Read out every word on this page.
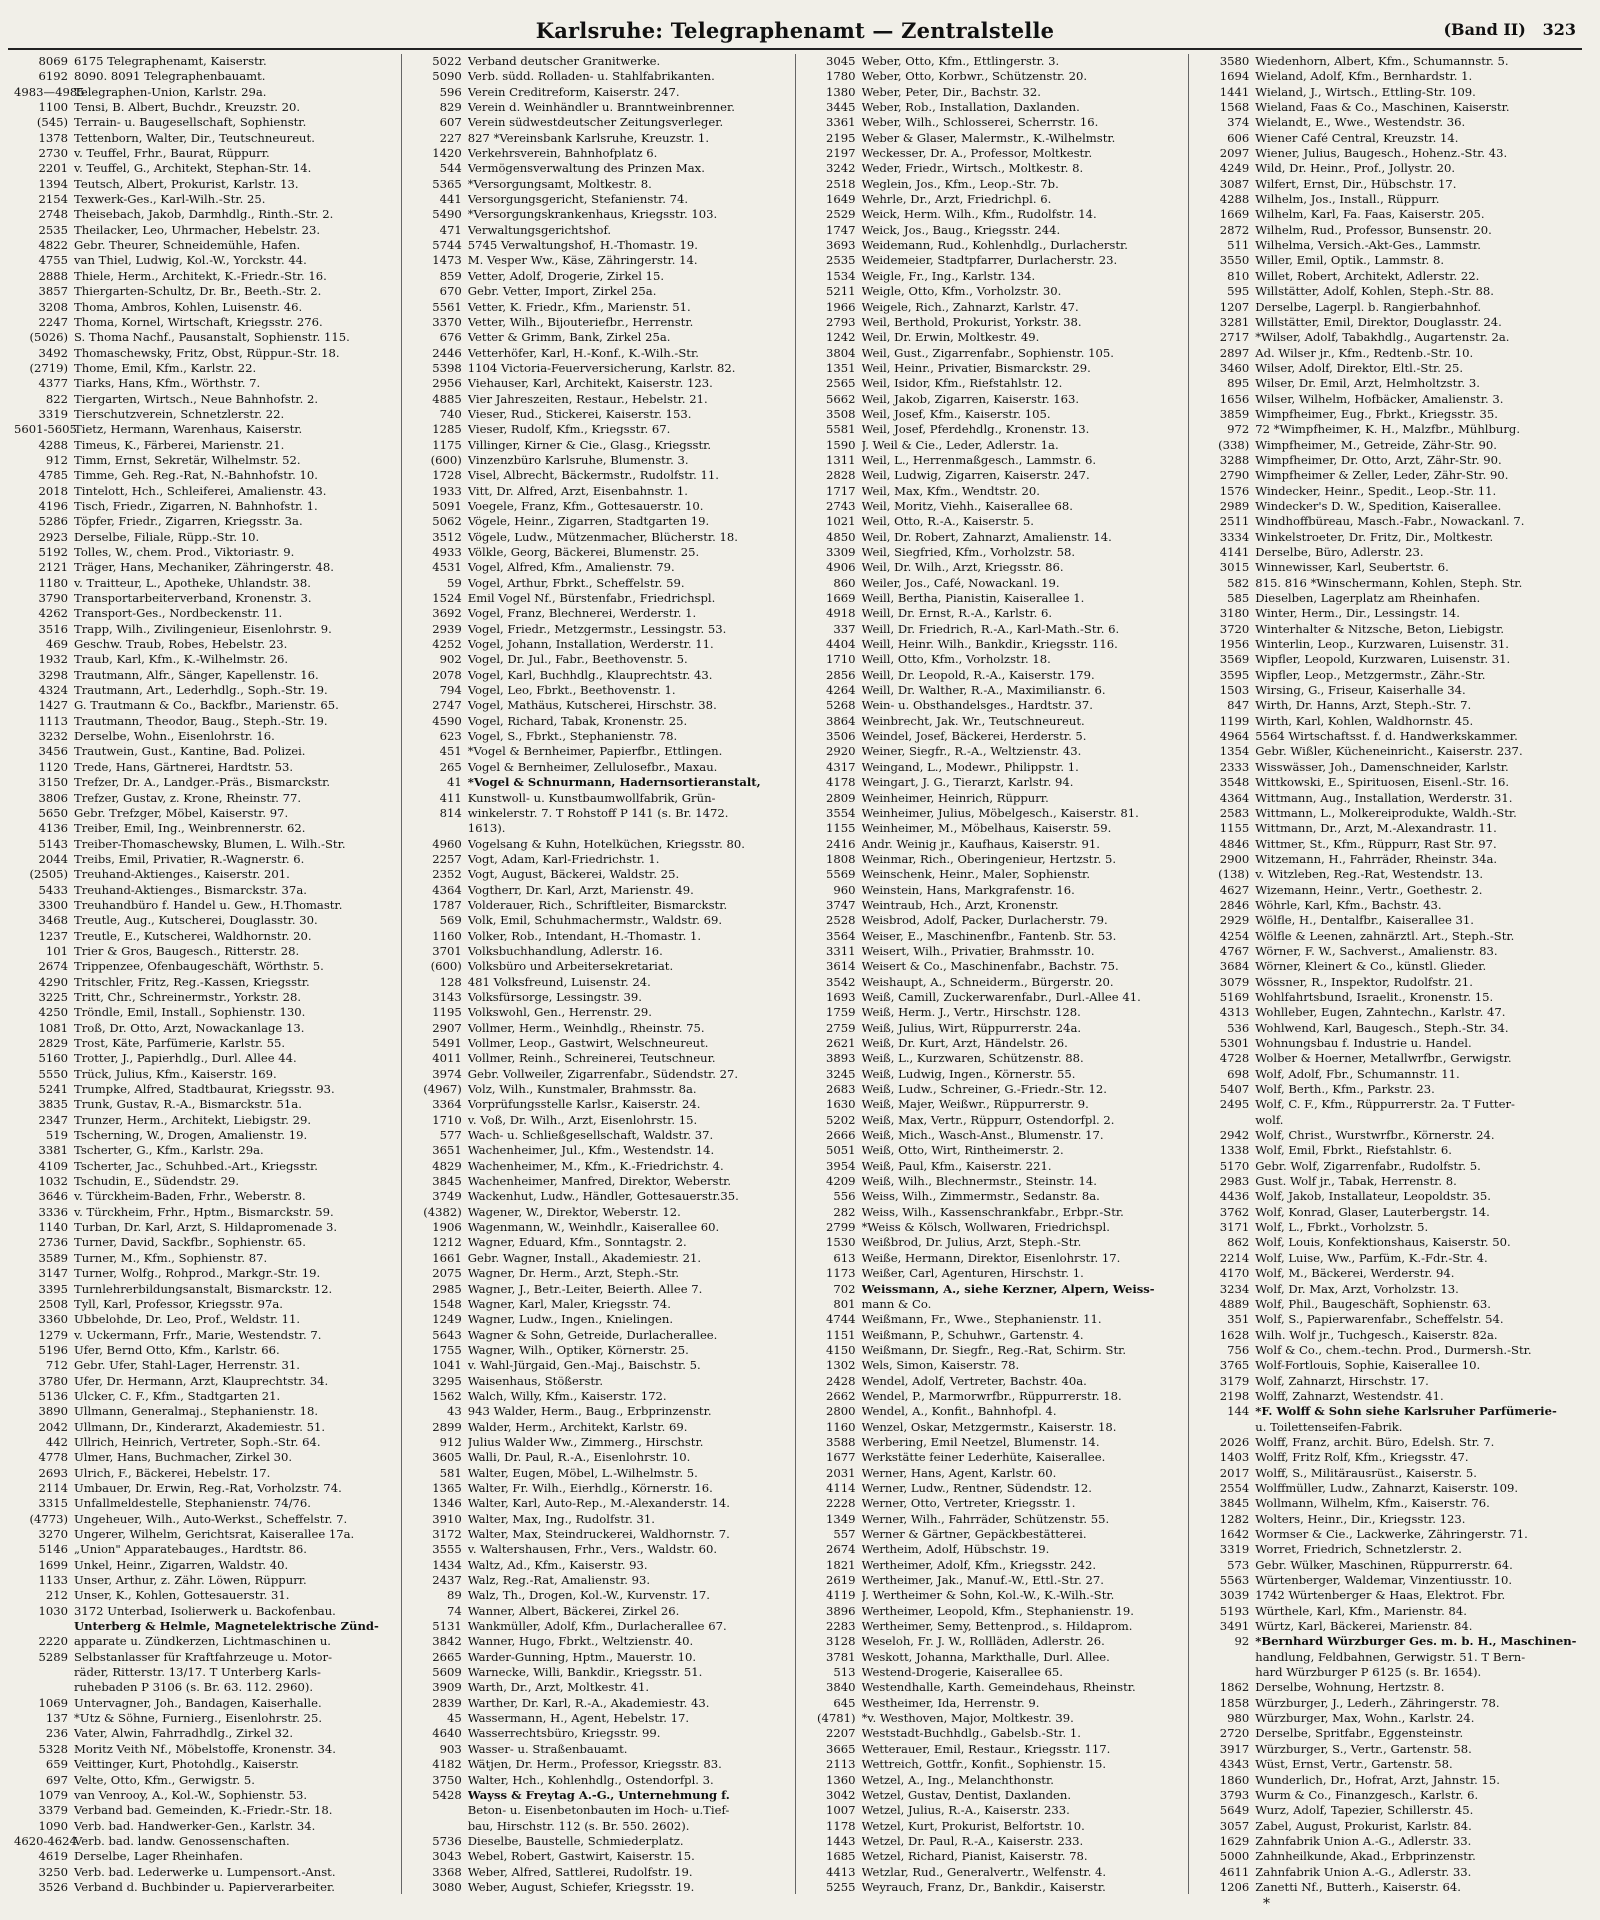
Karlsruhe: Telegraphenamt — Zentralstelle	(Band II) 323
8069 6175 Telegraphenamt, Kaiserstr.
6192 8090. 8091 Telegraphenbauamt.
4983—4985
Telegraphen-Union, Karlstr. 29a.
1100 Tensi, B. Albert, Buchdr., Kreuzstr. 20.
(545) Terrain- u. Baugesellschaft, Sophienstr.
1378 Tettenborn, Walter, Dir., Teutschneureut.
2730 v. Teuffel, Frhr., Baurat, Rüppurr.
2201 v. Teuffel, G., Architekt, Stephan-Str. 14.
1394 Teutsch, Albert, Prokurist, Karlstr. 13.
2154 Texwerk-Ges., Karl-Wilh.-Str. 25.
2748 Theisebach, Jakob, Darmhdlg., Rinth.-Str. 2.
2535 Theilacker, Leo, Uhrmacher, Hebelstr. 23.
4822 Gebr. Theurer, Schneidemühle, Hafen.
4755 van Thiel, Ludwig, Kol.-W., Yorckstr. 44.
2888 Thiele, Herm., Architekt, K.-Friedr.-Str. 16.
3857 Thiergarten-Schultz, Dr. Br., Beeth.-Str. 2.
3208 Thoma, Ambros, Kohlen, Luisenstr. 46.
2247 Thoma, Kornel, Wirtschaft, Kriegsstr. 276.
(5026) S. Thoma Nachf., Pausanstalt, Sophienstr. 115.
3492 Thomaschewsky, Fritz, Obst, Rüppur.-Str. 18.
(2719) Thome, Emil, Kfm., Karlstr. 22.
4377 Tiarks, Hans, Kfm., Wörthstr. 7.
822 Tiergarten, Wirtsch., Neue Bahnhofstr. 2.
3319 Tierschutzverein, Schnetzlerstr. 22.
5601-5605
Tietz, Hermann, Warenhaus, Kaiserstr.
4288 Timeus, K., Färberei, Marienstr. 21.
912 Timm, Ernst, Sekretär, Wilhelmstr. 52.
4785 Timme, Geh. Reg.-Rat, N.-Bahnhofstr. 10.
2018 Tintelott, Hch., Schleiferei, Amalienstr. 43.
4196 Tisch, Friedr., Zigarren, N. Bahnhofstr. 1.
5286 Töpfer, Friedr., Zigarren, Kriegsstr. 3a.
2923 Derselbe, Filiale, Rüpp.-Str. 10.
5192 Tolles, W., chem. Prod., Viktoriastr. 9.
2121 Träger, Hans, Mechaniker, Zähringerstr. 48.
1180 v. Traitteur, L., Apotheke, Uhlandstr. 38.
3790 Transportarbeiterverband, Kronenstr. 3.
4262 Transport-Ges., Nordbeckenstr. 11.
3516 Trapp, Wilh., Zivilingenieur, Eisenlohrstr. 9.
469 Geschw. Traub, Robes, Hebelstr. 23.
1932 Traub, Karl, Kfm., K.-Wilhelmstr. 26.
3298 Trautmann, Alfr., Sänger, Kapellenstr. 16.
4324 Trautmann, Art., Lederhdlg., Soph.-Str. 19.
1427 G. Trautmann & Co., Backfbr., Marienstr. 65.
1113 Trautmann, Theodor, Baug., Steph.-Str. 19.
3232 Derselbe, Wohn., Eisenlohrstr. 16.
3456 Trautwein, Gust., Kantine, Bad. Polizei.
1120 Trede, Hans, Gärtnerei, Hardtstr. 53.
3150 Trefzer, Dr. A., Landger.-Präs., Bismarckstr.
3806 Trefzer, Gustav, z. Krone, Rheinstr. 77.
5650 Gebr. Trefzger, Möbel, Kaiserstr. 97.
4136 Treiber, Emil, Ing., Weinbrennerstr. 62.
5143 Treiber-Thomaschewsky, Blumen, L. Wilh.-Str.
2044 Treibs, Emil, Privatier, R.-Wagnerstr. 6.
(2505) Treuhand-Aktienges., Kaiserstr. 201.
5433 Treuhand-Aktienges., Bismarckstr. 37a.
3300 Treuhandbüro f. Handel u. Gew., H.Thomastr.
3468 Treutle, Aug., Kutscherei, Douglasstr. 30.
1237 Treutle, E., Kutscherei, Waldhornstr. 20.
101 Trier & Gros, Baugesch., Ritterstr. 28.
2674 Trippenzee, Ofenbaugeschäft, Wörthstr. 5.
4290 Tritschler, Fritz, Reg.-Kassen, Kriegsstr.
3225 Tritt, Chr., Schreinermstr., Yorkstr. 28.
4250 Tröndle, Emil, Install., Sophienstr. 130.
1081 Troß, Dr. Otto, Arzt, Nowackanlage 13.
2829 Trost, Käte, Parfümerie, Karlstr. 55.
5160 Trotter, J., Papierhdlg., Durl. Allee 44.
5550 Trück, Julius, Kfm., Kaiserstr. 169.
5241 Trumpke, Alfred, Stadtbaurat, Kriegsstr. 93.
3835 Trunk, Gustav, R.-A., Bismarckstr. 51a.
2347 Trunzer, Herm., Architekt, Liebigstr. 29.
519 Tscherning, W., Drogen, Amalienstr. 19.
3381 Tscherter, G., Kfm., Karlstr. 29a.
4109 Tscherter, Jac., Schuhbed.-Art., Kriegsstr.
1032 Tschudin, E., Südendstr. 29.
3646 v. Türckheim-Baden, Frhr., Weberstr. 8.
3336 v. Türckheim, Frhr., Hptm., Bismarckstr. 59.
1140 Turban, Dr. Karl, Arzt, S. Hildapromenade 3.
2736 Turner, David, Sackfbr., Sophienstr. 65.
3589 Turner, M., Kfm., Sophienstr. 87.
3147 Turner, Wolfg., Rohprod., Markgr.-Str. 19.
3395 Turnlehrerbildungsanstalt, Bismarckstr. 12.
2508 Tyll, Karl, Professor, Kriegsstr. 97a.
3360 Ubbelohde, Dr. Leo, Prof., Weldstr. 11.
1279 v. Uckermann, Frfr., Marie, Westendstr. 7.
5196 Ufer, Bernd Otto, Kfm., Karlstr. 66.
712 Gebr. Ufer, Stahl-Lager, Herrenstr. 31.
3780 Ufer, Dr. Hermann, Arzt, Klauprechtstr. 34.
5136 Ulcker, C. F., Kfm., Stadtgarten 21.
3890 Ullmann, Generalmaj., Stephanienstr. 18.
2042 Ullmann, Dr., Kinderarzt, Akademiestr. 51.
442 Ullrich, Heinrich, Vertreter, Soph.-Str. 64.
4778 Ulmer, Hans, Buchmacher, Zirkel 30.
2693 Ulrich, F., Bäckerei, Hebelstr. 17.
2114 Umbauer, Dr. Erwin, Reg.-Rat, Vorholzstr. 74.
3315 Unfallmeldestelle, Stephanienstr. 74/76.
(4773) Ungeheuer, Wilh., Auto-Werkst., Scheffelstr. 7.
3270 Ungerer, Wilhelm, Gerichtsrat, Kaiserallee 17a.
5146 „Union" Apparatebauges., Hardtstr. 86.
1699 Unkel, Heinr., Zigarren, Waldstr. 40.
1133 Unser, Arthur, z. Zähr. Löwen, Rüppurr.
212 Unser, K., Kohlen, Gottesauerstr. 31.
1030 3172 Unterbad, Isolierwerk u. Backofenbau.
Unterberg & Helmle, Magnetelektrische Zünd-
2220 apparate u. Zündkerzen, Lichtmaschinen u.
5289 Selbstanlasser für Kraftfahrzeuge u. Motor-
räder, Ritterstr. 13/17. T Unterberg Karls-
ruhebaden P 3106 (s. Br. 63. 112. 2960).
1069 Untervagner, Joh., Bandagen, Kaiserhalle.
137 *Utz & Söhne, Furnierg., Eisenlohrstr. 25.
236 Vater, Alwin, Fahrradhdlg., Zirkel 32.
5328 Moritz Veith Nf., Möbelstoffe, Kronenstr. 34.
659 Veittinger, Kurt, Photohdlg., Kaiserstr.
697 Velte, Otto, Kfm., Gerwigstr. 5.
1079 van Venrooy, A., Kol.-W., Sophienstr. 53.
3379 Verband bad. Gemeinden, K.-Friedr.-Str. 18.
1090 Verb. bad. Handwerker-Gen., Karlstr. 34.
4620-4624
Verb. bad. landw. Genossenschaften.
4619 Derselbe, Lager Rheinhafen.
3250 Verb. bad. Lederwerke u. Lumpensort.-Anst.
3526 Verband d. Buchbinder u. Papierverarbeiter.
5022 Verband deutscher Granitwerke.
5090 Verb. südd. Rolladen- u. Stahlfabrikanten.
596 Verein Creditreform, Kaiserstr. 247.
829 Verein d. Weinhändler u. Branntweinbrenner.
607 Verein südwestdeutscher Zeitungsverleger.
227 827 *Vereinsbank Karlsruhe, Kreuzstr. 1.
1420 Verkehrsverein, Bahnhofplatz 6.
544 Vermögensverwaltung des Prinzen Max.
5365 *Versorgungsamt, Moltkestr. 8.
441 Versorgungsgericht, Stefanienstr. 74.
5490 *Versorgungskrankenhaus, Kriegsstr. 103.
471 Verwaltungsgerichtshof.
5744 5745 Verwaltungshof, H.-Thomastr. 19.
1473 M. Vesper Ww., Käse, Zähringerstr. 14.
859 Vetter, Adolf, Drogerie, Zirkel 15.
670 Gebr. Vetter, Import, Zirkel 25a.
5561 Vetter, K. Friedr., Kfm., Marienstr. 51.
3370 Vetter, Wilh., Bijouteriefbr., Herrenstr.
676 Vetter & Grimm, Bank, Zirkel 25a.
2446 Vetterhöfer, Karl, H.-Konf., K.-Wilh.-Str.
5398 1104 Victoria-Feuerversicherung, Karlstr. 82.
2956 Viehauser, Karl, Architekt, Kaiserstr. 123.
4885 Vier Jahreszeiten, Restaur., Hebelstr. 21.
740 Vieser, Rud., Stickerei, Kaiserstr. 153.
1285 Vieser, Rudolf, Kfm., Kriegsstr. 67.
1175 Villinger, Kirner & Cie., Glasg., Kriegsstr.
(600) Vinzenzbüro Karlsruhe, Blumenstr. 3.
1728 Visel, Albrecht, Bäckermstr., Rudolfstr. 11.
1933 Vitt, Dr. Alfred, Arzt, Eisenbahnstr. 1.
5091 Voegele, Franz, Kfm., Gottesauerstr. 10.
5062 Vögele, Heinr., Zigarren, Stadtgarten 19.
3512 Vögele, Ludw., Mützenmacher, Blücherstr. 18.
4933 Völkle, Georg, Bäckerei, Blumenstr. 25.
4531 Vogel, Alfred, Kfm., Amalienstr. 79.
59 Vogel, Arthur, Fbrkt., Scheffelstr. 59.
1524 Emil Vogel Nf., Bürstenfabr., Friedrichspl.
3692 Vogel, Franz, Blechnerei, Werderstr. 1.
2939 Vogel, Friedr., Metzgermstr., Lessingstr. 53.
4252 Vogel, Johann, Installation, Werderstr. 11.
902 Vogel, Dr. Jul., Fabr., Beethovenstr. 5.
2078 Vogel, Karl, Buchhdlg., Klauprechtstr. 43.
794 Vogel, Leo, Fbrkt., Beethovenstr. 1.
2747 Vogel, Mathäus, Kutscherei, Hirschstr. 38.
4590 Vogel, Richard, Tabak, Kronenstr. 25.
623 Vogel, S., Fbrkt., Stephanienstr. 78.
451 *Vogel & Bernheimer, Papierfbr., Ettlingen.
265 Vogel & Bernheimer, Zellulosefbr., Maxau.
41 *Vogel & Schnurmann, Hadernsortieranstalt,
411 Kunstwoll- u. Kunstbaumwollfabrik, Grün-
814 winkelerstr. 7. T Rohstoff P 141 (s. Br. 1472.
1613).
4960 Vogelsang & Kuhn, Hotelküchen, Kriegsstr. 80.
2257 Vogt, Adam, Karl-Friedrichstr. 1.
2352 Vogt, August, Bäckerei, Waldstr. 25.
4364 Vogtherr, Dr. Karl, Arzt, Marienstr. 49.
1787 Volderauer, Rich., Schriftleiter, Bismarckstr.
569 Volk, Emil, Schuhmachermstr., Waldstr. 69.
1160 Volker, Rob., Intendant, H.-Thomastr. 1.
3701 Volksbuchhandlung, Adlerstr. 16.
(600) Volksbüro und Arbeitersekretariat.
128 481 Volksfreund, Luisenstr. 24.
3143 Volksfürsorge, Lessingstr. 39.
1195 Volkswohl, Gen., Herrenstr. 29.
2907 Vollmer, Herm., Weinhdlg., Rheinstr. 75.
5491 Vollmer, Leop., Gastwirt, Welschneureut.
4011 Vollmer, Reinh., Schreinerei, Teutschneur.
3974 Gebr. Vollweiler, Zigarrenfabr., Südendstr. 27.
(4967) Volz, Wilh., Kunstmaler, Brahmsstr. 8a.
3364 Vorprüfungsstelle Karlsr., Kaiserstr. 24.
1710 v. Voß, Dr. Wilh., Arzt, Eisenlohrstr. 15.
577 Wach- u. Schließgesellschaft, Waldstr. 37.
3651 Wachenheimer, Jul., Kfm., Westendstr. 14.
4829 Wachenheimer, M., Kfm., K.-Friedrichstr. 4.
3845 Wachenheimer, Manfred, Direktor, Weberstr.
3749 Wackenhut, Ludw., Händler, Gottesauerstr.35.
(4382) Wagener, W., Direktor, Weberstr. 12.
1906 Wagenmann, W., Weinhdlr., Kaiserallee 60.
1212 Wagner, Eduard, Kfm., Sonntagstr. 2.
1661 Gebr. Wagner, Install., Akademiestr. 21.
2075 Wagner, Dr. Herm., Arzt, Steph.-Str.
2985 Wagner, J., Betr.-Leiter, Beierth. Allee 7.
1548 Wagner, Karl, Maler, Kriegsstr. 74.
1249 Wagner, Ludw., Ingen., Knielingen.
5643 Wagner & Sohn, Getreide, Durlacherallee.
1755 Wagner, Wilh., Optiker, Körnerstr. 25.
1041 v. Wahl-Jürgaid, Gen.-Maj., Baischstr. 5.
3295 Waisenhaus, Stößerstr.
1562 Walch, Willy, Kfm., Kaiserstr. 172.
43 943 Walder, Herm., Baug., Erbprinzenstr.
2899 Walder, Herm., Architekt, Karlstr. 69.
912 Julius Walder Ww., Zimmerg., Hirschstr.
3605 Walli, Dr. Paul, R.-A., Eisenlohrstr. 10.
581 Walter, Eugen, Möbel, L.-Wilhelmstr. 5.
1365 Walter, Fr. Wilh., Eierhdlg., Körnerstr. 16.
1346 Walter, Karl, Auto-Rep., M.-Alexanderstr. 14.
3910 Walter, Max, Ing., Rudolfstr. 31.
3172 Walter, Max, Steindruckerei, Waldhornstr. 7.
3555 v. Waltershausen, Frhr., Vers., Waldstr. 60.
1434 Waltz, Ad., Kfm., Kaiserstr. 93.
2437 Walz, Reg.-Rat, Amalienstr. 93.
89 Walz, Th., Drogen, Kol.-W., Kurvenstr. 17.
74 Wanner, Albert, Bäckerei, Zirkel 26.
5131 Wankmüller, Adolf, Kfm., Durlacherallee 67.
3842 Wanner, Hugo, Fbrkt., Weltzienstr. 40.
2665 Warder-Gunning, Hptm., Mauerstr. 10.
5609 Warnecke, Willi, Bankdir., Kriegsstr. 51.
3909 Warth, Dr., Arzt, Moltkestr. 41.
2839 Warther, Dr. Karl, R.-A., Akademiestr. 43.
45 Wassermann, H., Agent, Hebelstr. 17.
4640 Wasserrechtsbüro, Kriegsstr. 99.
903 Wasser- u. Straßenbauamt.
4182 Wätjen, Dr. Herm., Professor, Kriegsstr. 83.
3750 Walter, Hch., Kohlenhdlg., Ostendorfpl. 3.
5428 Wayss & Freytag A.-G., Unternehmung f.
Beton- u. Eisenbetonbauten im Hoch- u.Tief-
bau, Hirschstr. 112 (s. Br. 550. 2602).
5736 Dieselbe, Baustelle, Schmiederplatz.
3043 Webel, Robert, Gastwirt, Kaiserstr. 15.
3368 Weber, Alfred, Sattlerei, Rudolfstr. 19.
3080 Weber, August, Schiefer, Kriegsstr. 19.
3045 Weber, Otto, Kfm., Ettlingerstr. 3.
1780 Weber, Otto, Korbwr., Schützenstr. 20.
1380 Weber, Peter, Dir., Bachstr. 32.
3445 Weber, Rob., Installation, Daxlanden.
3361 Weber, Wilh., Schlosserei, Scherrstr. 16.
2195 Weber & Glaser, Malermstr., K.-Wilhelmstr.
2197 Weckesser, Dr. A., Professor, Moltkestr.
3242 Weder, Friedr., Wirtsch., Moltkestr. 8.
2518 Weglein, Jos., Kfm., Leop.-Str. 7b.
1649 Wehrle, Dr., Arzt, Friedrichpl. 6.
2529 Weick, Herm. Wilh., Kfm., Rudolfstr. 14.
1747 Weick, Jos., Baug., Kriegsstr. 244.
3693 Weidemann, Rud., Kohlenhdlg., Durlacherstr.
2535 Weidemeier, Stadtpfarrer, Durlacherstr. 23.
1534 Weigle, Fr., Ing., Karlstr. 134.
5211 Weigle, Otto, Kfm., Vorholzstr. 30.
1966 Weigele, Rich., Zahnarzt, Karlstr. 47.
2793 Weil, Berthold, Prokurist, Yorkstr. 38.
1242 Weil, Dr. Erwin, Moltkestr. 49.
3804 Weil, Gust., Zigarrenfabr., Sophienstr. 105.
1351 Weil, Heinr., Privatier, Bismarckstr. 29.
2565 Weil, Isidor, Kfm., Riefstahlstr. 12.
5662 Weil, Jakob, Zigarren, Kaiserstr. 163.
3508 Weil, Josef, Kfm., Kaiserstr. 105.
5581 Weil, Josef, Pferdehdlg., Kronenstr. 13.
1590 J. Weil & Cie., Leder, Adlerstr. 1a.
1311 Weil, L., Herrenmaßgesch., Lammstr. 6.
2828 Weil, Ludwig, Zigarren, Kaiserstr. 247.
1717 Weil, Max, Kfm., Wendtstr. 20.
2743 Weil, Moritz, Viehh., Kaiserallee 68.
1021 Weil, Otto, R.-A., Kaiserstr. 5.
4850 Weil, Dr. Robert, Zahnarzt, Amalienstr. 14.
3309 Weil, Siegfried, Kfm., Vorholzstr. 58.
4906 Weil, Dr. Wilh., Arzt, Kriegsstr. 86.
860 Weiler, Jos., Café, Nowackanl. 19.
1669 Weill, Bertha, Pianistin, Kaiserallee 1.
4918 Weill, Dr. Ernst, R.-A., Karlstr. 6.
337 Weill, Dr. Friedrich, R.-A., Karl-Math.-Str. 6.
4404 Weill, Heinr. Wilh., Bankdir., Kriegsstr. 116.
1710 Weill, Otto, Kfm., Vorholzstr. 18.
2856 Weill, Dr. Leopold, R.-A., Kaiserstr. 179.
4264 Weill, Dr. Walther, R.-A., Maximilianstr. 6.
5268 Wein- u. Obsthandelsges., Hardtstr. 37.
3864 Weinbrecht, Jak. Wr., Teutschneureut.
3506 Weindel, Josef, Bäckerei, Herderstr. 5.
2920 Weiner, Siegfr., R.-A., Weltzienstr. 43.
4317 Weingand, L., Modewr., Philippstr. 1.
4178 Weingart, J. G., Tierarzt, Karlstr. 94.
2809 Weinheimer, Heinrich, Rüppurr.
3554 Weinheimer, Julius, Möbelgesch., Kaiserstr. 81.
1155 Weinheimer, M., Möbelhaus, Kaiserstr. 59.
2416 Andr. Weinig jr., Kaufhaus, Kaiserstr. 91.
1808 Weinmar, Rich., Oberingenieur, Hertzstr. 5.
5569 Weinschenk, Heinr., Maler, Sophienstr.
960 Weinstein, Hans, Markgrafenstr. 16.
3747 Weintraub, Hch., Arzt, Kronenstr.
2528 Weisbrod, Adolf, Packer, Durlacherstr. 79.
3564 Weiser, E., Maschinenfbr., Fantenb. Str. 53.
3311 Weisert, Wilh., Privatier, Brahmsstr. 10.
3614 Weisert & Co., Maschinenfabr., Bachstr. 75.
3542 Weishaupt, A., Schneiderm., Bürgerstr. 20.
1693 Weiß, Camill, Zuckerwarenfabr., Durl.-Allee 41.
1759 Weiß, Herm. J., Vertr., Hirschstr. 128.
2759 Weiß, Julius, Wirt, Rüppurrerstr. 24a.
2621 Weiß, Dr. Kurt, Arzt, Händelstr. 26.
3893 Weiß, L., Kurzwaren, Schützenstr. 88.
3245 Weiß, Ludwig, Ingen., Körnerstr. 55.
2683 Weiß, Ludw., Schreiner, G.-Friedr.-Str. 12.
1630 Weiß, Majer, Weißwr., Rüppurrerstr. 9.
5202 Weiß, Max, Vertr., Rüppurr, Ostendorfpl. 2.
2666 Weiß, Mich., Wasch-Anst., Blumenstr. 17.
5051 Weiß, Otto, Wirt, Rintheimerstr. 2.
3954 Weiß, Paul, Kfm., Kaiserstr. 221.
4209 Weiß, Wilh., Blechnermstr., Steinstr. 14.
556 Weiss, Wilh., Zimmermstr., Sedanstr. 8a.
282 Weiss, Wilh., Kassenschrankfabr., Erbpr.-Str.
2799 *Weiss & Kölsch, Wollwaren, Friedrichspl.
1530 Weißbrod, Dr. Julius, Arzt, Steph.-Str.
613 Weiße, Hermann, Direktor, Eisenlohrstr. 17.
1173 Weißer, Carl, Agenturen, Hirschstr. 1.
702 Weissmann, A., siehe Kerzner, Alpern, Weiss-
801 mann & Co.
4744 Weißmann, Fr., Wwe., Stephanienstr. 11.
1151 Weißmann, P., Schuhwr., Gartenstr. 4.
4150 Weißmann, Dr. Siegfr., Reg.-Rat, Schirm. Str.
1302 Wels, Simon, Kaiserstr. 78.
2428 Wendel, Adolf, Vertreter, Bachstr. 40a.
2662 Wendel, P., Marmorwrfbr., Rüppurrerstr. 18.
2800 Wendel, A., Konfit., Bahnhofpl. 4.
1160 Wenzel, Oskar, Metzgermstr., Kaiserstr. 18.
3588 Werbering, Emil Neetzel, Blumenstr. 14.
1677 Werkstätte feiner Lederhüte, Kaiserallee.
2031 Werner, Hans, Agent, Karlstr. 60.
4114 Werner, Ludw., Rentner, Südendstr. 12.
2228 Werner, Otto, Vertreter, Kriegsstr. 1.
1349 Werner, Wilh., Fahrräder, Schützenstr. 55.
557 Werner & Gärtner, Gepäckbestätterei.
2674 Wertheim, Adolf, Hübschstr. 19.
1821 Wertheimer, Adolf, Kfm., Kriegsstr. 242.
2619 Wertheimer, Jak., Manuf.-W., Ettl.-Str. 27.
4119 J. Wertheimer & Sohn, Kol.-W., K.-Wilh.-Str.
3896 Wertheimer, Leopold, Kfm., Stephanienstr. 19.
2283 Wertheimer, Semy, Bettenprod., s. Hildaprom.
3128 Weseloh, Fr. J. W., Rollläden, Adlerstr. 26.
3781 Weskott, Johanna, Markthalle, Durl. Allee.
513 Westend-Drogerie, Kaiserallee 65.
3840 Westendhalle, Karth. Gemeindehaus, Rheinstr.
645 Westheimer, Ida, Herrenstr. 9.
(4781) *v. Westhoven, Major, Moltkestr. 39.
2207 Weststadt-Buchhdlg., Gabelsb.-Str. 1.
3665 Wetterauer, Emil, Restaur., Kriegsstr. 117.
2113 Wettreich, Gottfr., Konfit., Sophienstr. 15.
1360 Wetzel, A., Ing., Melanchthonstr.
3042 Wetzel, Gustav, Dentist, Daxlanden.
1007 Wetzel, Julius, R.-A., Kaiserstr. 233.
1178 Wetzel, Kurt, Prokurist, Belfortstr. 10.
1443 Wetzel, Dr. Paul, R.-A., Kaiserstr. 233.
1685 Wetzel, Richard, Pianist, Kaiserstr. 78.
4413 Wetzlar, Rud., Generalvertr., Welfenstr. 4.
5255 Weyrauch, Franz, Dr., Bankdir., Kaiserstr.
3580 Wiedenhorn, Albert, Kfm., Schumannstr. 5.
1694 Wieland, Adolf, Kfm., Bernhardstr. 1.
1441 Wieland, J., Wirtsch., Ettling-Str. 109.
1568 Wieland, Faas & Co., Maschinen, Kaiserstr.
374 Wielandt, E., Wwe., Westendstr. 36.
606 Wiener Café Central, Kreuzstr. 14.
2097 Wiener, Julius, Baugesch., Hohenz.-Str. 43.
4249 Wild, Dr. Heinr., Prof., Jollystr. 20.
3087 Wilfert, Ernst, Dir., Hübschstr. 17.
4288 Wilhelm, Jos., Install., Rüppurr.
1669 Wilhelm, Karl, Fa. Faas, Kaiserstr. 205.
2872 Wilhelm, Rud., Professor, Bunsenstr. 20.
511 Wilhelma, Versich.-Akt-Ges., Lammstr.
3550 Willer, Emil, Optik., Lammstr. 8.
810 Willet, Robert, Architekt, Adlerstr. 22.
595 Willstätter, Adolf, Kohlen, Steph.-Str. 88.
1207 Derselbe, Lagerpl. b. Rangierbahnhof.
3281 Willstätter, Emil, Direktor, Douglasstr. 24.
2717 *Wilser, Adolf, Tabakhdlg., Augartenstr. 2a.
2897 Ad. Wilser jr., Kfm., Redtenb.-Str. 10.
3460 Wilser, Adolf, Direktor, Eltl.-Str. 25.
895 Wilser, Dr. Emil, Arzt, Helmholtzstr. 3.
1656 Wilser, Wilhelm, Hofbäcker, Amalienstr. 3.
3859 Wimpfheimer, Eug., Fbrkt., Kriegsstr. 35.
972 72 *Wimpfheimer, K. H., Malzfbr., Mühlburg.
(338) Wimpfheimer, M., Getreide, Zähr-Str. 90.
3288 Wimpfheimer, Dr. Otto, Arzt, Zähr-Str. 90.
2790 Wimpfheimer & Zeller, Leder, Zähr-Str. 90.
1576 Windecker, Heinr., Spedit., Leop.-Str. 11.
2989 Windecker's D. W., Spedition, Kaiserallee.
2511 Windhoffbüreau, Masch.-Fabr., Nowackanl. 7.
3334 Winkelstroeter, Dr. Fritz, Dir., Moltkestr.
4141 Derselbe, Büro, Adlerstr. 23.
3015 Winnewisser, Karl, Seubertstr. 6.
582 815. 816 *Winschermann, Kohlen, Steph. Str.
585 Dieselben, Lagerplatz am Rheinhafen.
3180 Winter, Herm., Dir., Lessingstr. 14.
3720 Winterhalter & Nitzsche, Beton, Liebigstr.
1956 Winterlin, Leop., Kurzwaren, Luisenstr. 31.
3569 Wipfler, Leopold, Kurzwaren, Luisenstr. 31.
3595 Wipfler, Leop., Metzgermstr., Zähr.-Str.
1503 Wirsing, G., Friseur, Kaiserhalle 34.
847 Wirth, Dr. Hanns, Arzt, Steph.-Str. 7.
1199 Wirth, Karl, Kohlen, Waldhornstr. 45.
4964 5564 Wirtschaftsst. f. d. Handwerkskammer.
1354 Gebr. Wißler, Kücheneinricht., Kaiserstr. 237.
2333 Wisswässer, Joh., Damenschneider, Karlstr.
3548 Wittkowski, E., Spirituosen, Eisenl.-Str. 16.
4364 Wittmann, Aug., Installation, Werderstr. 31.
2583 Wittmann, L., Molkereiprodukte, Waldh.-Str.
1155 Wittmann, Dr., Arzt, M.-Alexandrastr. 11.
4846 Wittmer, St., Kfm., Rüppurr, Rast Str. 97.
2900 Witzemann, H., Fahrräder, Rheinstr. 34a.
(138) v. Witzleben, Reg.-Rat, Westendstr. 13.
4627 Wizemann, Heinr., Vertr., Goethestr. 2.
2846 Wöhrle, Karl, Kfm., Bachstr. 43.
2929 Wölfle, H., Dentalfbr., Kaiserallee 31.
4254 Wölfle & Leenen, zahnärztl. Art., Steph.-Str.
4767 Wörner, F. W., Sachverst., Amalienstr. 83.
3684 Wörner, Kleinert & Co., künstl. Glieder.
3079 Wössner, R., Inspektor, Rudolfstr. 21.
5169 Wohlfahrtsbund, Israelit., Kronenstr. 15.
4313 Wohlleber, Eugen, Zahntechn., Karlstr. 47.
536 Wohlwend, Karl, Baugesch., Steph.-Str. 34.
5301 Wohnungsbau f. Industrie u. Handel.
4728 Wolber & Hoerner, Metallwrfbr., Gerwigstr.
698 Wolf, Adolf, Fbr., Schumannstr. 11.
5407 Wolf, Berth., Kfm., Parkstr. 23.
2495 Wolf, C. F., Kfm., Rüppurrerstr. 2a. T Futter-
wolf.
2942 Wolf, Christ., Wurstwrfbr., Körnerstr. 24.
1338 Wolf, Emil, Fbrkt., Riefstahlstr. 6.
5170 Gebr. Wolf, Zigarrenfabr., Rudolfstr. 5.
2983 Gust. Wolf jr., Tabak, Herrenstr. 8.
4436 Wolf, Jakob, Installateur, Leopoldstr. 35.
3762 Wolf, Konrad, Glaser, Lauterbergstr. 14.
3171 Wolf, L., Fbrkt., Vorholzstr. 5.
862 Wolf, Louis, Konfektionshaus, Kaiserstr. 50.
2214 Wolf, Luise, Ww., Parfüm, K.-Fdr.-Str. 4.
4170 Wolf, M., Bäckerei, Werderstr. 94.
3234 Wolf, Dr. Max, Arzt, Vorholzstr. 13.
4889 Wolf, Phil., Baugeschäft, Sophienstr. 63.
351 Wolf, S., Papierwarenfabr., Scheffelstr. 54.
1628 Wilh. Wolf jr., Tuchgesch., Kaiserstr. 82a.
756 Wolf & Co., chem.-techn. Prod., Durmersh.-Str.
3765 Wolf-Fortlouis, Sophie, Kaiserallee 10.
3179 Wolf, Zahnarzt, Hirschstr. 17.
2198 Wolff, Zahnarzt, Westendstr. 41.
144 *F. Wolff & Sohn siehe Karlsruher Parfümerie-
u. Toilettenseifen-Fabrik.
2026 Wolff, Franz, archit. Büro, Edelsh. Str. 7.
1403 Wolff, Fritz Rolf, Kfm., Kriegsstr. 47.
2017 Wolff, S., Militärausrüst., Kaiserstr. 5.
2554 Wolffmüller, Ludw., Zahnarzt, Kaiserstr. 109.
3845 Wollmann, Wilhelm, Kfm., Kaiserstr. 76.
1282 Wolters, Heinr., Dir., Kriegsstr. 123.
1642 Wormser & Cie., Lackwerke, Zähringerstr. 71.
3319 Worret, Friedrich, Schnetzlerstr. 2.
573 Gebr. Wülker, Maschinen, Rüppurrerstr. 64.
5563 Würtenberger, Waldemar, Vinzentiusstr. 10.
3039 1742 Würtenberger & Haas, Elektrot. Fbr.
5193 Würthele, Karl, Kfm., Marienstr. 84.
3491 Würtz, Karl, Bäckerei, Marienstr. 84.
92 *Bernhard Würzburger Ges. m. b. H., Maschinen-
handlung, Feldbahnen, Gerwigstr. 51. T Bern-
hard Würzburger P 6125 (s. Br. 1654).
1862 Derselbe, Wohnung, Hertzstr. 8.
1858 Würzburger, J., Lederh., Zähringerstr. 78.
980 Würzburger, Max, Wohn., Karlstr. 24.
2720 Derselbe, Spritfabr., Eggensteinstr.
3917 Würzburger, S., Vertr., Gartenstr. 58.
4343 Wüst, Ernst, Vertr., Gartenstr. 58.
1860 Wunderlich, Dr., Hofrat, Arzt, Jahnstr. 15.
3793 Wurm & Co., Finanzgesch., Karlstr. 6.
5649 Wurz, Adolf, Tapezier, Schillerstr. 45.
3057 Zabel, August, Prokurist, Karlstr. 84.
1629 Zahnfabrik Union A.-G., Adlerstr. 33.
5000 Zahnheilkunde, Akad., Erbprinzenstr.
4611 Zahnfabrik Union A.-G., Adlerstr. 33.
1206 Zanetti Nf., Butterh., Kaiserstr. 64.
*
